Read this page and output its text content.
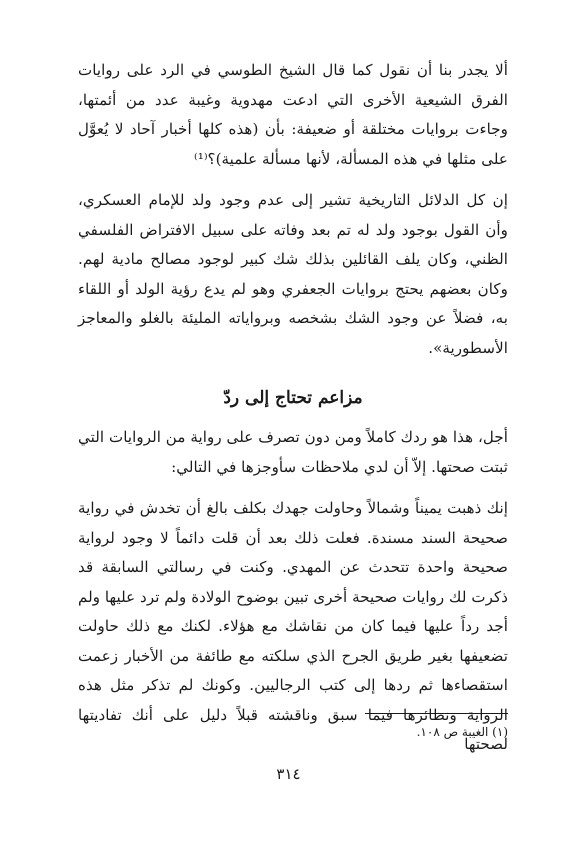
ألا يجدر بنا أن نقول كما قال الشيخ الطوسي في الرد على روايات الفرق الشيعية الأخرى التي ادعت مهدوية وغيبة عدد من أئمتها، وجاءت بروايات مختلقة أو ضعيفة: بأن (هذه كلها أخبار آحاد لا يُعوَّل على مثلها في هذه المسألة، لأنها مسألة علمية)؟⁽¹⁾

إن كل الدلائل التاريخية تشير إلى عدم وجود ولد للإمام العسكري، وأن القول بوجود ولد له تم بعد وفاته على سبيل الافتراض الفلسفي الظني، وكان يلف القائلين بذلك شك كبير لوجود مصالح مادية لهم. وكان بعضهم يحتج بروايات الجعفري وهو لم يدع رؤية الولد أو اللقاء به، فضلاً عن وجود الشك بشخصه وبرواياته المليئة بالغلو والمعاجز الأسطورية».

مزاعم تحتاج إلى ردّ

أجل، هذا هو ردك كاملاً ومن دون تصرف على رواية من الروايات التي ثبتت صحتها. إلاّ أن لدي ملاحظات سأوجزها في التالي:

إنك ذهبت يميناً وشمالاً وحاولت جهدك بكلف بالغ أن تخدش في رواية صحيحة السند مسندة. فعلت ذلك بعد أن قلت دائماً لا وجود لرواية صحيحة واحدة تتحدث عن المهدي. وكنت في رسالتي السابقة قد ذكرت لك روايات صحيحة أخرى تبين بوضوح الولادة ولم ترد عليها ولم أجد رداً عليها فيما كان من نقاشك مع هؤلاء. لكنك مع ذلك حاولت تضعيفها بغير طريق الجرح الذي سلكته مع طائفة من الأخبار زعمت استقصاءها ثم ردها إلى كتب الرجاليين. وكونك لم تذكر مثل هذه الرواية ونظائرها فيما سبق وناقشته قبلاً دليل على أنك تفاديتها لصحتها

(١) الغيبة ص ١٠٨.
٣١٤
